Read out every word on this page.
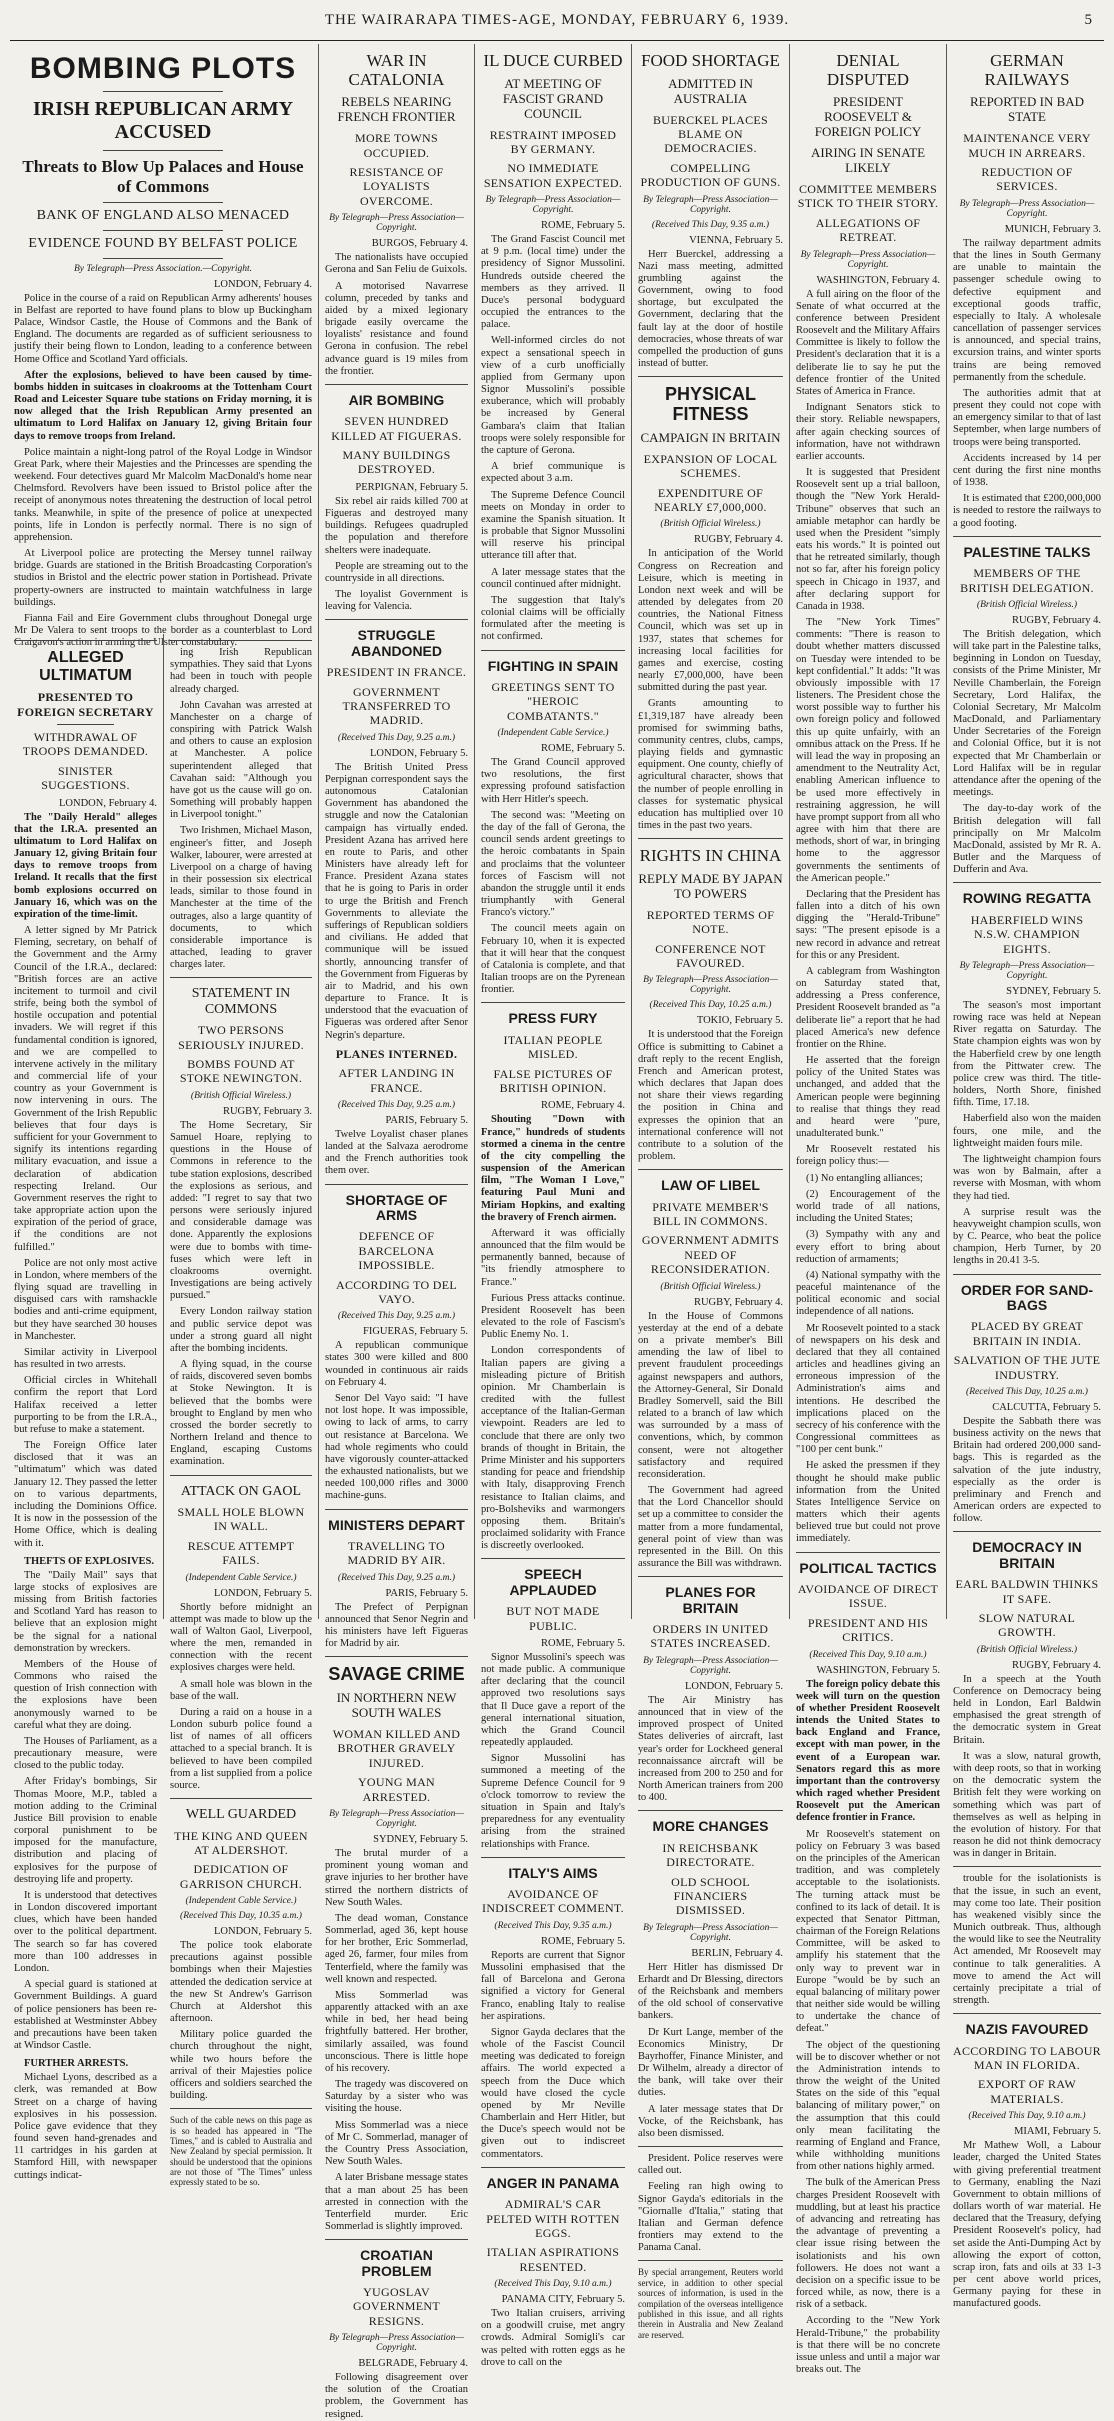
THE WAIRARAPA TIMES-AGE, MONDAY, FEBRUARY 6, 1939.	5
BOMBING PLOTS
IRISH REPUBLICAN ARMY ACCUSED
Threats to Blow Up Palaces and House of Commons
BANK OF ENGLAND ALSO MENACED
EVIDENCE FOUND BY BELFAST POLICE
By Telegraph—Press Association.—Copyright.
LONDON, February 4.

Police in the course of a raid on Republican Army adherents' houses in Belfast are reported to have found plans to blow up Buckingham Palace, Windsor Castle, the House of Commons and the Bank of England. The documents are regarded as of sufficient seriousness to justify their being flown to London, leading to a conference between Home Office and Scotland Yard officials.

After the explosions, believed to have been caused by time-bombs hidden in suitcases in cloakrooms at the Tottenham Court Road and Leicester Square tube stations on Friday morning, it is now alleged that the Irish Republican Army presented an ultimatum to Lord Halifax on January 12, giving Britain four days to remove troops from Ireland.

Police maintain a night-long patrol of the Royal Lodge in Windsor Great Park, where their Majesties and the Princesses are spending the weekend. Four detectives guard Mr Malcolm MacDonald's home near Chelmsford. Revolvers have been issued to Bristol police after the receipt of anonymous notes threatening the destruction of local petrol tanks. Meanwhile, in spite of the presence of police at unexpected points, life in London is perfectly normal. There is no sign of apprehension.

At Liverpool police are protecting the Mersey tunnel railway bridge. Guards are stationed in the British Broadcasting Corporation's studios in Bristol and the electric power station in Portishead. Private property-owners are instructed to maintain watchfulness in large buildings.

Fianna Fail and Eire Government clubs throughout Donegal urge Mr De Valera to sent troops to the border as a counterblast to Lord Craigavon's action in arming the Ulster constabulary.

ALLEGED ULTIMATUM
PRESENTED TO FOREIGN SECRETARY
WITHDRAWAL OF TROOPS DEMANDED.
SINISTER SUGGESTIONS.
LONDON, February 4.

The "Daily Herald" alleges that the I.R.A. presented an ultimatum to Lord Halifax on January 12, giving Britain four days to remove troops from Ireland. It recalls that the first bomb explosions occurred on January 16, which was on the expiration of the time-limit.

A letter signed by Mr Patrick Fleming, secretary, on behalf of the Government and the Army Council of the I.R.A., declared: "British forces are an active incitement to turmoil and civil strife, being both the symbol of hostile occupation and potential invaders. We will regret if this fundamental condition is ignored, and we are compelled to intervene actively in the military and commercial life of your country as your Government is now intervening in ours. The Government of the Irish Republic believes that four days is sufficient for your Government to signify its intentions regarding military evacuation, and issue a declaration of abdication respecting Ireland. Our Government reserves the right to take appropriate action upon the expiration of the period of grace, if the conditions are not fulfilled."

Police are not only most active in London, where members of the flying squad are travelling in disguised cars with ramshackle bodies and anti-crime equipment, but they have searched 30 houses in Manchester.

Similar activity in Liverpool has resulted in two arrests.

Official circles in Whitehall confirm the report that Lord Halifax received a letter purporting to be from the I.R.A., but refuse to make a statement.

The Foreign Office later disclosed that it was an "ultimatum" which was dated January 12. They passed the letter on to various departments, including the Dominions Office. It is now in the possession of the Home Office, which is dealing with it.

THEFTS OF EXPLOSIVES.

The "Daily Mail" says that large stocks of explosives are missing from British factories and Scotland Yard has reason to believe that an explosion might be the signal for a national demonstration by wreckers.

Members of the House of Commons who raised the question of Irish connection with the explosions have been anonymously warned to be careful what they are doing.

The Houses of Parliament, as a precautionary measure, were closed to the public today.

After Friday's bombings, Sir Thomas Moore, M.P., tabled a motion adding to the Criminal Justice Bill provision to enable corporal punishment to be imposed for the manufacture, distribution and placing of explosives for the purpose of destroying life and property.

It is understood that detectives in London discovered important clues, which have been handed over to the political department. The search so far has covered more than 100 addresses in London.

A special guard is stationed at Government Buildings. A guard of police pensioners has been re-established at Westminster Abbey and precautions have been taken at Windsor Castle.

FURTHER ARRESTS.

Michael Lyons, described as a clerk, was remanded at Bow Street on a charge of having explosives in his possession. Police gave evidence that they found seven hand-grenades and 11 cartridges in his garden at Stamford Hill, with newspaper cuttings indicat-

ing Irish Republican sympathies. They said that Lyons had been in touch with people already charged.

John Cavahan was arrested at Manchester on a charge of conspiring with Patrick Walsh and others to cause an explosion at Manchester. A police superintendent alleged that Cavahan said: "Although you have got us the cause will go on. Something will probably happen in Liverpool tonight."

Two Irishmen, Michael Mason, engineer's fitter, and Joseph Walker, labourer, were arrested at Liverpool on a charge of having in their possession six electrical leads, similar to those found in Manchester at the time of the outrages, also a large quantity of documents, to which considerable importance is attached, leading to graver charges later.

STATEMENT IN COMMONS
TWO PERSONS SERIOUSLY INJURED.
BOMBS FOUND AT STOKE NEWINGTON.
(British Official Wireless.)
RUGBY, February 3.

The Home Secretary, Sir Samuel Hoare, replying to questions in the House of Commons in reference to the tube station explosions, described the explosions as serious, and added: "I regret to say that two persons were seriously injured and considerable damage was done. Apparently the explosions were due to bombs with time-fuses which were left in cloakrooms overnight. Investigations are being actively pursued."

Every London railway station and public service depot was under a strong guard all night after the bombing incidents.

A flying squad, in the course of raids, discovered seven bombs at Stoke Newington. It is believed that the bombs were brought to England by men who crossed the border secretly to Northern Ireland and thence to England, escaping Customs examination.

ATTACK ON GAOL
SMALL HOLE BLOWN IN WALL.
RESCUE ATTEMPT FAILS.
(Independent Cable Service.)
LONDON, February 5.

Shortly before midnight an attempt was made to blow up the wall of Walton Gaol, Liverpool, where the men, remanded in connection with the recent explosives charges were held.

A small hole was blown in the base of the wall.

During a raid on a house in a London suburb police found a list of names of all officers attached to a special branch. It is believed to have been compiled from a list supplied from a police source.

WELL GUARDED
THE KING AND QUEEN AT ALDERSHOT.
DEDICATION OF GARRISON CHURCH.
(Independent Cable Service.)
(Received This Day, 10.35 a.m.)
LONDON, February 5.

The police took elaborate precautions against possible bombings when their Majesties attended the dedication service at the new St Andrew's Garrison Church at Aldershot this afternoon.

Military police guarded the church throughout the night, while two hours before the arrival of their Majesties police officers and soldiers searched the building.

Such of the cable news on this page as is so headed has appeared in "The Times," and is cabled to Australia and New Zealand by special permission. It should be understood that the opinions are not those of "The Times" unless expressly stated to be so.

WAR IN CATALONIA
REBELS NEARING FRENCH FRONTIER
MORE TOWNS OCCUPIED.
RESISTANCE OF LOYALISTS OVERCOME.
By Telegraph—Press Association—Copyright.
BURGOS, February 4.

The nationalists have occupied Gerona and San Feliu de Guixols.

A motorised Navarrese column, preceded by tanks and aided by a mixed legionary brigade easily overcame the loyalists' resistance and found Gerona in confusion. The rebel advance guard is 19 miles from the frontier.

AIR BOMBING
SEVEN HUNDRED KILLED AT FIGUERAS.
MANY BUILDINGS DESTROYED.
PERPIGNAN, February 5.

Six rebel air raids killed 700 at Figueras and destroyed many buildings. Refugees quadrupled the population and therefore shelters were inadequate.

People are streaming out to the countryside in all directions.

The loyalist Government is leaving for Valencia.

STRUGGLE ABANDONED
PRESIDENT IN FRANCE.
GOVERNMENT TRANSFERRED TO MADRID.
(Received This Day, 9.25 a.m.)
LONDON, February 5.

The British United Press Perpignan correspondent says the autonomous Catalonian Government has abandoned the struggle and now the Catalonian campaign has virtually ended. President Azana has arrived here en route to Paris, and other Ministers have already left for France. President Azana states that he is going to Paris in order to urge the British and French Governments to alleviate the sufferings of Republican soldiers and civilians. He added that communique will be issued shortly, announcing transfer of the Government from Figueras by air to Madrid, and his own departure to France. It is understood that the evacuation of Figueras was ordered after Senor Negrin's departure.

PLANES INTERNED.
AFTER LANDING IN FRANCE.
(Received This Day, 9.25 a.m.)
PARIS, February 5.

Twelve Loyalist chaser planes landed at the Salvaza aerodrome and the French authorities took them over.

SHORTAGE OF ARMS
DEFENCE OF BARCELONA IMPOSSIBLE.
ACCORDING TO DEL VAYO.
(Received This Day, 9.25 a.m.)
FIGUERAS, February 5.

A republican communique states 300 were killed and 800 wounded in continuous air raids on February 4.

Senor Del Vayo said: "I have not lost hope. It was impossible, owing to lack of arms, to carry out resistance at Barcelona. We had whole regiments who could have vigorously counter-attacked the exhausted nationalists, but we needed 100,000 rifles and 3000 machine-guns.

MINISTERS DEPART
TRAVELLING TO MADRID BY AIR.
(Received This Day, 9.25 a.m.)
PARIS, February 5.

The Prefect of Perpignan announced that Senor Negrin and his ministers have left Figueras for Madrid by air.

SAVAGE CRIME
IN NORTHERN NEW SOUTH WALES
WOMAN KILLED AND BROTHER GRAVELY INJURED.
YOUNG MAN ARRESTED.
By Telegraph—Press Association—Copyright.
SYDNEY, February 5.

The brutal murder of a prominent young woman and grave injuries to her brother have stirred the northern districts of New South Wales.

The dead woman, Constance Sommerlad, aged 36, kept house for her brother, Eric Sommerlad, aged 26, farmer, four miles from Tenterfield, where the family was well known and respected.

Miss Sommerlad was apparently attacked with an axe while in bed, her head being frightfully battered. Her brother, similarly assailed, was found unconscious. There is little hope of his recovery.

The tragedy was discovered on Saturday by a sister who was visiting the house.

Miss Sommerlad was a niece of Mr C. Sommerlad, manager of the Country Press Association, New South Wales.

A later Brisbane message states that a man about 25 has been arrested in connection with the Tenterfield murder. Eric Sommerlad is slightly improved.

CROATIAN PROBLEM
YUGOSLAV GOVERNMENT RESIGNS.
By Telegraph—Press Association—Copyright.
BELGRADE, February 4.

Following disagreement over the solution of the Croatian problem, the Government has resigned.

IL DUCE CURBED
AT MEETING OF FASCIST GRAND COUNCIL
RESTRAINT IMPOSED BY GERMANY.
NO IMMEDIATE SENSATION EXPECTED.
By Telegraph—Press Association—Copyright.
ROME, February 5.

The Grand Fascist Council met at 9 p.m. (local time) under the presidency of Signor Mussolini. Hundreds outside cheered the members as they arrived. Il Duce's personal bodyguard occupied the entrances to the palace.

Well-informed circles do not expect a sensational speech in view of a curb unofficially applied from Germany upon Signor Mussolini's possible exuberance, which will probably be increased by General Gambara's claim that Italian troops were solely responsible for the capture of Gerona.

A brief communique is expected about 3 a.m.

The Supreme Defence Council meets on Monday in order to examine the Spanish situation. It is probable that Signor Mussolini will reserve his principal utterance till after that.

A later message states that the council continued after midnight.

The suggestion that Italy's colonial claims will be officially formulated after the meeting is not confirmed.

FIGHTING IN SPAIN
GREETINGS SENT TO "HEROIC COMBATANTS."
(Independent Cable Service.)
ROME, February 5.

The Grand Council approved two resolutions, the first expressing profound satisfaction with Herr Hitler's speech.

The second was: "Meeting on the day of the fall of Gerona, the council sends ardent greetings to the heroic combatants in Spain and proclaims that the volunteer forces of Fascism will not abandon the struggle until it ends triumphantly with General Franco's victory."

The council meets again on February 10, when it is expected that it will hear that the conquest of Catalonia is complete, and that Italian troops are on the Pyrenean frontier.

PRESS FURY
ITALIAN PEOPLE MISLED.
FALSE PICTURES OF BRITISH OPINION.
ROME, February 4.

Shouting "Down with France," hundreds of students stormed a cinema in the centre of the city compelling the suspension of the American film, "The Woman I Love," featuring Paul Muni and Miriam Hopkins, and exalting the bravery of French airmen.

Afterward it was officially announced that the film would be permanently banned, because of "its friendly atmosphere to France."

Furious Press attacks continue. President Roosevelt has been elevated to the role of Fascism's Public Enemy No. 1.

London correspondents of Italian papers are giving a misleading picture of British opinion. Mr Chamberlain is credited with the fullest acceptance of the Italian-German viewpoint. Readers are led to conclude that there are only two brands of thought in Britain, the Prime Minister and his supporters standing for peace and friendship with Italy, disapproving French resistance to Italian claims, and pro-Bolsheviks and warmongers opposing them. Britain's proclaimed solidarity with France is discreetly overlooked.

SPEECH APPLAUDED
BUT NOT MADE PUBLIC.
ROME, February 5.

Signor Mussolini's speech was not made public. A communique after declaring that the council approved two resolutions says that Il Duce gave a report of the general international situation, which the Grand Council repeatedly applauded.

Signor Mussolini has summoned a meeting of the Supreme Defence Council for 9 o'clock tomorrow to review the situation in Spain and Italy's preparedness for any eventuality arising from the strained relationships with France.

ITALY'S AIMS
AVOIDANCE OF INDISCREET COMMENT.
(Received This Day, 9.35 a.m.)
ROME, February 5.

Reports are current that Signor Mussolini emphasised that the fall of Barcelona and Gerona signified a victory for General Franco, enabling Italy to realise her aspirations.

Signor Gayda declares that the whole of the Fascist Council meeting was dedicated to foreign affairs. The world expected a speech from the Duce which would have closed the cycle opened by Mr Neville Chamberlain and Herr Hitler, but the Duce's speech would not be given out to indiscreet commentators.

ANGER IN PANAMA
ADMIRAL'S CAR PELTED WITH ROTTEN EGGS.
ITALIAN ASPIRATIONS RESENTED.
(Received This Day, 9.10 a.m.)
PANAMA CITY, February 5.

Two Italian cruisers, arriving on a goodwill cruise, met angry crowds. Admiral Somigli's car was pelted with rotten eggs as he drove to call on the

FOOD SHORTAGE
ADMITTED IN AUSTRALIA
BUERCKEL PLACES BLAME ON DEMOCRACIES.
COMPELLING PRODUCTION OF GUNS.
By Telegraph—Press Association—Copyright.
(Received This Day, 9.35 a.m.)
VIENNA, February 5.

Herr Buerckel, addressing a Nazi mass meeting, admitted grumbling against the Government, owing to food shortage, but exculpated the Government, declaring that the fault lay at the door of hostile democracies, whose threats of war compelled the production of guns instead of butter.

PHYSICAL FITNESS
CAMPAIGN IN BRITAIN
EXPANSION OF LOCAL SCHEMES.
EXPENDITURE OF NEARLY £7,000,000.
(British Official Wireless.)
RUGBY, February 4.

In anticipation of the World Congress on Recreation and Leisure, which is meeting in London next week and will be attended by delegates from 20 countries, the National Fitness Council, which was set up in 1937, states that schemes for increasing local facilities for games and exercise, costing nearly £7,000,000, have been submitted during the past year.

Grants amounting to £1,319,187 have already been promised for swimming baths, community centres, clubs, camps, playing fields and gymnastic equipment. One county, chiefly of agricultural character, shows that the number of people enrolling in classes for systematic physical education has multiplied over 10 times in the past two years.

RIGHTS IN CHINA
REPLY MADE BY JAPAN TO POWERS
REPORTED TERMS OF NOTE.
CONFERENCE NOT FAVOURED.
By Telegraph—Press Association—Copyright.
(Received This Day, 10.25 a.m.)
TOKIO, February 5.

It is understood that the Foreign Office is submitting to Cabinet a draft reply to the recent English, French and American protest, which declares that Japan does not share their views regarding the position in China and expresses the opinion that an international conference will not contribute to a solution of the problem.

LAW OF LIBEL
PRIVATE MEMBER'S BILL IN COMMONS.
GOVERNMENT ADMITS NEED OF RECONSIDERATION.
(British Official Wireless.)
RUGBY, February 4.

In the House of Commons yesterday at the end of a debate on a private member's Bill amending the law of libel to prevent fraudulent proceedings against newspapers and authors, the Attorney-General, Sir Donald Bradley Somervell, said the Bill related to a branch of law which was surrounded by a mass of conventions, which, by common consent, were not altogether satisfactory and required reconsideration.

The Government had agreed that the Lord Chancellor should set up a committee to consider the matter from a more fundamental, general point of view than was represented in the Bill. On this assurance the Bill was withdrawn.

PLANES FOR BRITAIN
ORDERS IN UNITED STATES INCREASED.
By Telegraph—Press Association—Copyright.
LONDON, February 5.

The Air Ministry has announced that in view of the improved prospect of United States deliveries of aircraft, last year's order for Lockheed general reconnaissance aircraft will be increased from 200 to 250 and for North American trainers from 200 to 400.

MORE CHANGES
IN REICHSBANK DIRECTORATE.
OLD SCHOOL FINANCIERS DISMISSED.
By Telegraph—Press Association—Copyright.
BERLIN, February 4.

Herr Hitler has dismissed Dr Erhardt and Dr Blessing, directors of the Reichsbank and members of the old school of conservative bankers.

Dr Kurt Lange, member of the Economics Ministry, Dr Bayrhoffer, Finance Minister, and Dr Wilhelm, already a director of the bank, will take over their duties.

A later message states that Dr Vocke, of the Reichsbank, has also been dismissed.

President. Police reserves were called out.

Feeling ran high owing to Signor Gayda's editorials in the "Giornalle d'Italia," stating that Italian and German defence frontiers may extend to the Panama Canal.

By special arrangement, Reuters world service, in addition to other special sources of information, is used in the compilation of the overseas intelligence published in this issue, and all rights therein in Australia and New Zealand are reserved.

DENIAL DISPUTED
PRESIDENT ROOSEVELT & FOREIGN POLICY
AIRING IN SENATE LIKELY
COMMITTEE MEMBERS STICK TO THEIR STORY.
ALLEGATIONS OF RETREAT.
By Telegraph—Press Association—Copyright.
WASHINGTON, February 4.

A full airing on the floor of the Senate of what occurred at the conference between President Roosevelt and the Military Affairs Committee is likely to follow the President's declaration that it is a deliberate lie to say he put the defence frontier of the United States of America in France.

Indignant Senators stick to their story. Reliable newspapers, after again checking sources of information, have not withdrawn earlier accounts.

It is suggested that President Roosevelt sent up a trial balloon, though the "New York Herald-Tribune" observes that such an amiable metaphor can hardly be used when the President "simply eats his words." It is pointed out that he retreated similarly, though not so far, after his foreign policy speech in Chicago in 1937, and after declaring support for Canada in 1938.

The "New York Times" comments: "There is reason to doubt whether matters discussed on Tuesday were intended to be kept confidential." It adds: "It was obviously impossible with 17 listeners. The President chose the worst possible way to further his own foreign policy and followed this up quite unfairly, with an omnibus attack on the Press. If he will lead the way in proposing an amendment to the Neutrality Act, enabling American influence to be used more effectively in restraining aggression, he will have prompt support from all who agree with him that there are methods, short of war, in bringing home to the aggressor governments the sentiments of the American people."

Declaring that the President has fallen into a ditch of his own digging the "Herald-Tribune" says: "The present episode is a new record in advance and retreat for this or any President.

A cablegram from Washington on Saturday stated that, addressing a Press conference, President Roosevelt branded as "a deliberate lie" a report that he had placed America's new defence frontier on the Rhine.

He asserted that the foreign policy of the United States was unchanged, and added that the American people were beginning to realise that things they read and heard were "pure, unadulterated bunk."

Mr Roosevelt restated his foreign policy thus:—

(1) No entangling alliances;

(2) Encouragement of the world trade of all nations, including the United States;

(3) Sympathy with any and every effort to bring about reduction of armaments;

(4) National sympathy with the peaceful maintenance of the political economic and social independence of all nations.

Mr Roosevelt pointed to a stack of newspapers on his desk and declared that they all contained articles and headlines giving an erroneous impression of the Administration's aims and intentions. He described the implications placed on the secrecy of his conference with the Congressional committees as "100 per cent bunk."

He asked the pressmen if they thought he should make public information from the United States Intelligence Service on matters which their agents believed true but could not prove immediately.

POLITICAL TACTICS
AVOIDANCE OF DIRECT ISSUE.
PRESIDENT AND HIS CRITICS.
(Received This Day, 9.10 a.m.)
WASHINGTON, February 5.

The foreign policy debate this week will turn on the question of whether President Roosevelt intends the United States to back England and France, except with man power, in the event of a European war. Senators regard this as more important than the controversy which raged whether President Roosevelt put the American defence frontier in France.

Mr Roosevelt's statement on policy on February 3 was based on the principles of the American tradition, and was completely acceptable to the isolationists. The turning attack must be confined to its lack of detail. It is expected that Senator Pittman, chairman of the Foreign Relations Committee, will be asked to amplify his statement that the only way to prevent war in Europe "would be by such an equal balancing of military power that neither side would be willing to undertake the chance of defeat."

The object of the questioning will be to discover whether or not the Administration intends to throw the weight of the United States on the side of this "equal balancing of military power," on the assumption that this could only mean facilitating the rearming of England and France, while withholding munitions from other nations highly armed.

The bulk of the American Press charges President Roosevelt with muddling, but at least his practice of advancing and retreating has the advantage of preventing a clear issue rising between the isolationists and his own followers. He does not want a decision on a specific issue to be forced while, as now, there is a risk of a setback.

According to the "New York Herald-Tribune," the probability is that there will be no concrete issue unless and until a major war breaks out. The

GERMAN RAILWAYS
REPORTED IN BAD STATE
MAINTENANCE VERY MUCH IN ARREARS.
REDUCTION OF SERVICES.
By Telegraph—Press Association—Copyright.
MUNICH, February 3.

The railway department admits that the lines in South Germany are unable to maintain the passenger schedule owing to defective equipment and exceptional goods traffic, especially to Italy. A wholesale cancellation of passenger services is announced, and special trains, excursion trains, and winter sports trains are being removed permanently from the schedule.

The authorities admit that at present they could not cope with an emergency similar to that of last September, when large numbers of troops were being transported.

Accidents increased by 14 per cent during the first nine months of 1938.

It is estimated that £200,000,000 is needed to restore the railways to a good footing.

PALESTINE TALKS
MEMBERS OF THE BRITISH DELEGATION.
(British Official Wireless.)
RUGBY, February 4.

The British delegation, which will take part in the Palestine talks, beginning in London on Tuesday, consists of the Prime Minister, Mr Neville Chamberlain, the Foreign Secretary, Lord Halifax, the Colonial Secretary, Mr Malcolm MacDonald, and Parliamentary Under Secretaries of the Foreign and Colonial Office, but it is not expected that Mr Chamberlain or Lord Halifax will be in regular attendance after the opening of the meetings.

The day-to-day work of the British delegation will fall principally on Mr Malcolm MacDonald, assisted by Mr R. A. Butler and the Marquess of Dufferin and Ava.

ROWING REGATTA
HABERFIELD WINS N.S.W. CHAMPION EIGHTS.
By Telegraph—Press Association—Copyright.
SYDNEY, February 5.

The season's most important rowing race was held at Nepean River regatta on Saturday. The State champion eights was won by the Haberfield crew by one length from the Pittwater crew. The police crew was third. The title-holders, North Shore, finished fifth. Time, 17.18.

Haberfield also won the maiden fours, one mile, and the lightweight maiden fours mile.

The lightweight champion fours was won by Balmain, after a reverse with Mosman, with whom they had tied.

A surprise result was the heavyweight champion sculls, won by C. Pearce, who beat the police champion, Herb Turner, by 20 lengths in 20.41 3-5.

ORDER FOR SAND-BAGS
PLACED BY GREAT BRITAIN IN INDIA.
SALVATION OF THE JUTE INDUSTRY.
(Received This Day, 10.25 a.m.)
CALCUTTA, February 5.

Despite the Sabbath there was business activity on the news that Britain had ordered 200,000 sand-bags. This is regarded as the salvation of the jute industry, especially as the order is preliminary and French and American orders are expected to follow.

DEMOCRACY IN BRITAIN
EARL BALDWIN THINKS IT SAFE.
SLOW NATURAL GROWTH.
(British Official Wireless.)
RUGBY, February 4.

In a speech at the Youth Conference on Democracy being held in London, Earl Baldwin emphasised the great strength of the democratic system in Great Britain.

It was a slow, natural growth, with deep roots, so that in working on the democratic system the British felt they were working on something which was part of themselves as well as helping in the evolution of history. For that reason he did not think democracy was in danger in Britain.

trouble for the isolationists is that the issue, in such an event, may come too late. Their position has weakened visibly since the Munich outbreak. Thus, although the would like to see the Neutrality Act amended, Mr Roosevelt may continue to talk generalities. A move to amend the Act will certainly precipitate a trial of strength.

NAZIS FAVOURED
ACCORDING TO LABOUR MAN IN FLORIDA.
EXPORT OF RAW MATERIALS.
(Received This Day, 9.10 a.m.)
MIAMI, February 5.

Mr Mathew Woll, a Labour leader, charged the United States with giving preferential treatment to Germany, enabling the Nazi Government to obtain millions of dollars worth of war material. He declared that the Treasury, defying President Roosevelt's policy, had set aside the Anti-Dumping Act by allowing the export of cotton, scrap iron, fats and oils at 33 1-3 per cent above world prices, Germany paying for these in manufactured goods.
